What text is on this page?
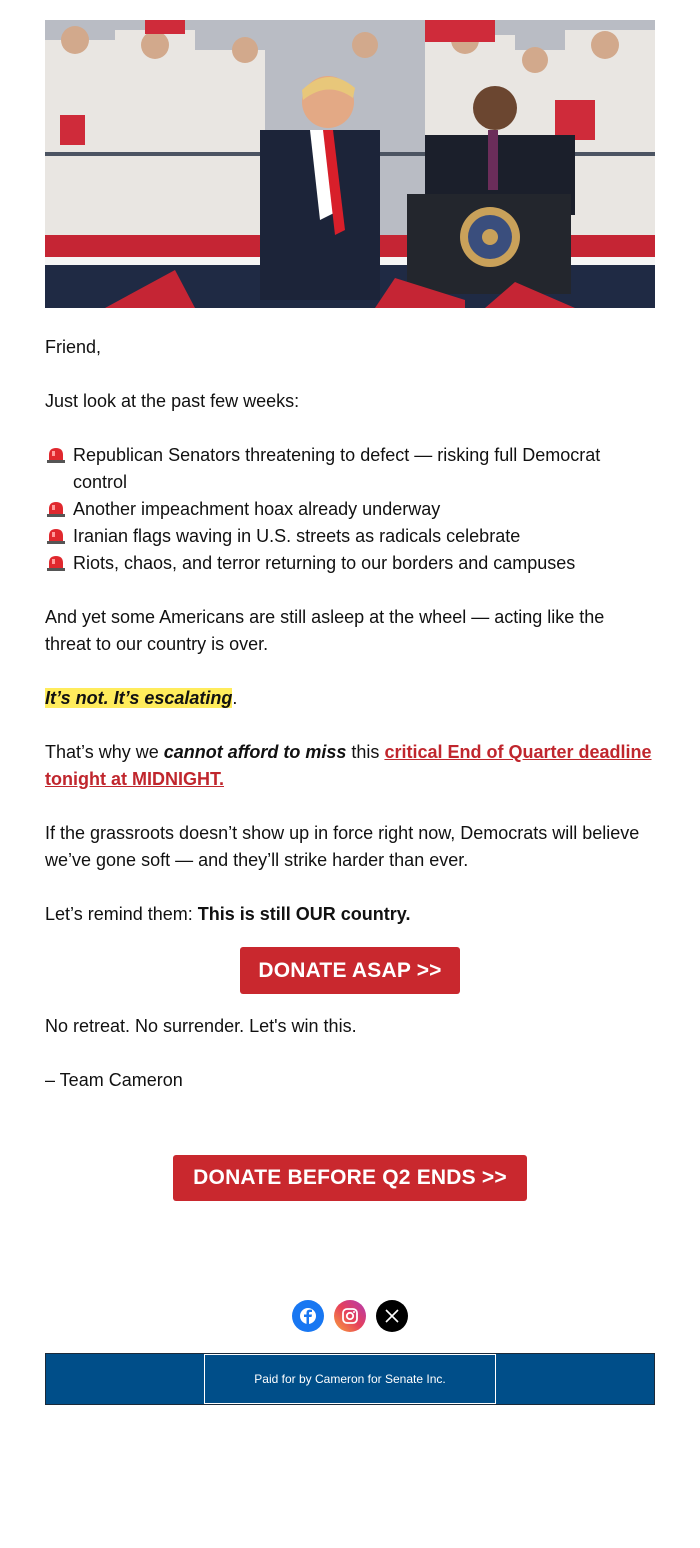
Friend,

Just look at the past few weeks:

Republican Senators threatening to defect — risking full Democrat control
Another impeachment hoax already underway
Iranian flags waving in U.S. streets as radicals celebrate
Riots, chaos, and terror returning to our borders and campuses

And yet some Americans are still asleep at the wheel — acting like the threat to our country is over.

It’s not. It’s escalating.

That’s why we cannot afford to miss this critical End of Quarter deadline tonight at MIDNIGHT.

If the grassroots doesn’t show up in force right now, Democrats will believe we’ve gone soft — and they’ll strike harder than ever.

Let’s remind them: This is still OUR country.

DONATE ASAP >>

No retreat. No surrender. Let's win this.

– Team Cameron

DONATE BEFORE Q2 ENDS >>
Paid for by Cameron for Senate Inc.
